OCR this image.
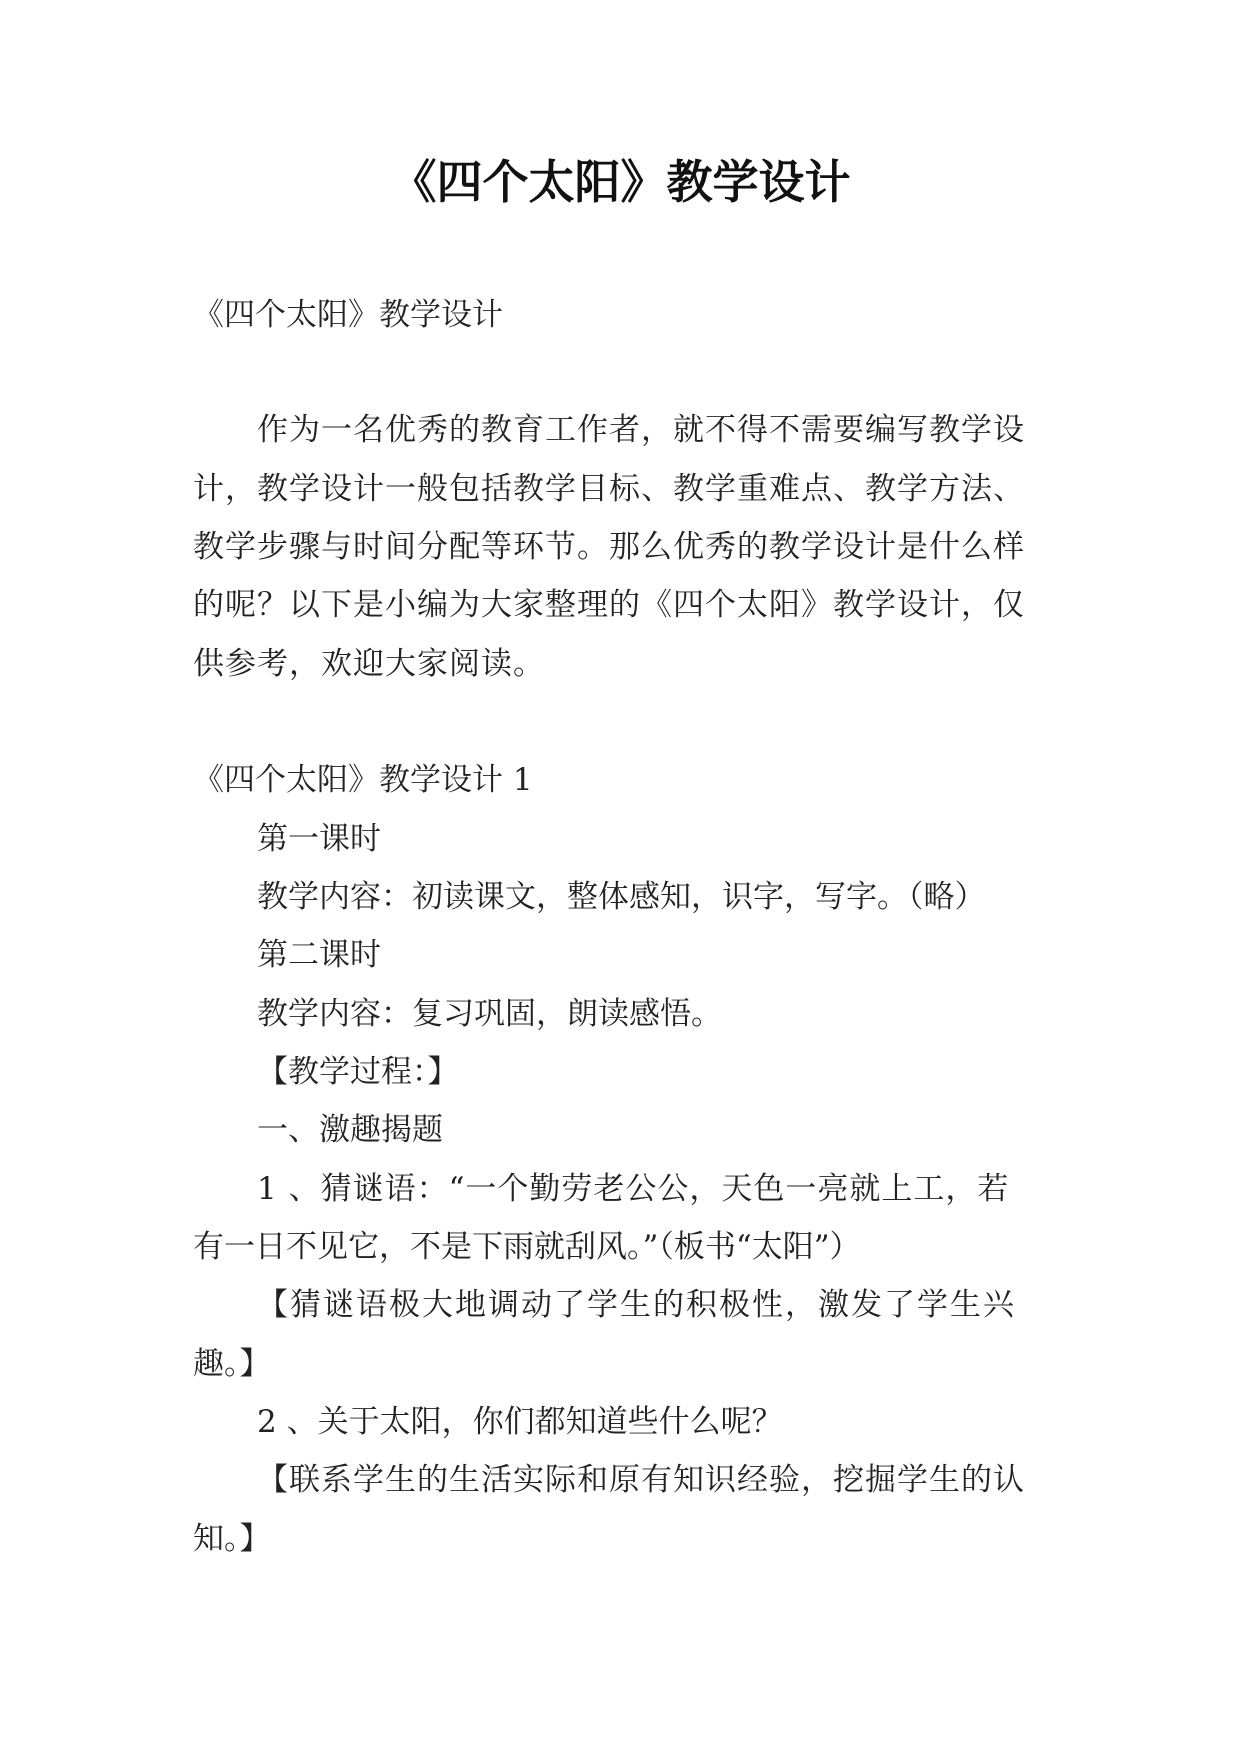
《四个太阳》教学设计
《四个太阳》教学设计
作为一名优秀的教育工作者，就不得不需要编写教学设
计，教学设计一般包括教学目标、教学重难点、教学方法、
教学步骤与时间分配等环节。那么优秀的教学设计是什么样
的呢？以下是小编为大家整理的《四个太阳》教学设计，仅
供参考，欢迎大家阅读。
《四个太阳》教学设计 1
第一课时
教学内容：初读课文，整体感知，识字，写字。（略）
第二课时
教学内容：复习巩固，朗读感悟。
【教学过程：】
一、激趣揭题
1 、猜谜语：“一个勤劳老公公，天色一亮就上工，若
有一日不见它，不是下雨就刮风。”（板书“太阳”）
【猜谜语极大地调动了学生的积极性，激发了学生兴
趣。】
2 、关于太阳，你们都知道些什么呢？
【联系学生的生活实际和原有知识经验，挖掘学生的认
知。】
